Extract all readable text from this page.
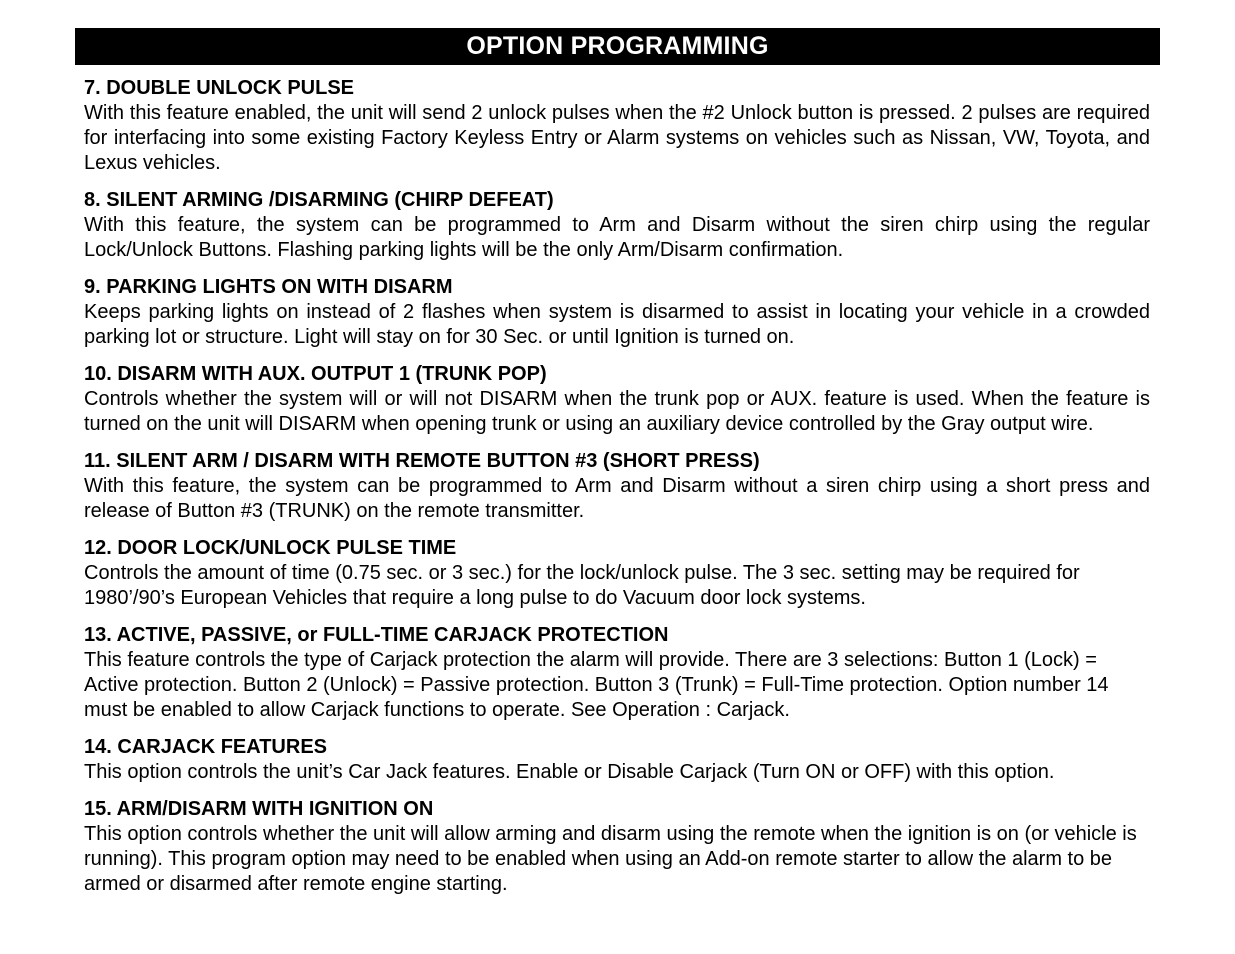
OPTION PROGRAMMING
7. DOUBLE UNLOCK PULSE

With this feature enabled, the unit will send 2 unlock pulses when the #2 Unlock button is pressed. 2 pulses are required for interfacing into some existing Factory Keyless Entry or Alarm systems on vehicles such as Nissan, VW, Toyota, and Lexus vehicles.

8. SILENT ARMING /DISARMING (CHIRP DEFEAT)

With this feature, the system can be programmed to Arm and Disarm without the siren chirp using the regular Lock/Unlock Buttons. Flashing parking lights will be the only Arm/Disarm confirmation.

9. PARKING LIGHTS ON WITH DISARM

Keeps parking lights on instead of 2 flashes when system is disarmed to assist in locating your vehicle in a crowded parking lot or structure. Light will stay on for 30 Sec. or until Ignition is turned on.

10. DISARM WITH AUX. OUTPUT 1 (TRUNK POP)

Controls whether the system will or will not DISARM when the trunk pop or AUX. feature is used. When the feature is turned on the unit will DISARM when opening trunk or using an auxiliary device controlled by the Gray output wire.

11. SILENT ARM / DISARM WITH REMOTE BUTTON #3 (SHORT PRESS)

With this feature, the system can be programmed to Arm and Disarm without a siren chirp using a short press and release of Button #3 (TRUNK) on the remote transmitter.

12. DOOR LOCK/UNLOCK PULSE TIME

Controls the amount of time (0.75 sec. or 3 sec.) for the lock/unlock pulse. The 3 sec. setting may be required for 1980’/90’s European Vehicles that require a long pulse to do Vacuum door lock systems.

13. ACTIVE, PASSIVE, or FULL-TIME CARJACK PROTECTION

This feature controls the type of Carjack protection the alarm will provide. There are 3 selections: Button 1 (Lock) = Active protection. Button 2 (Unlock) = Passive protection. Button 3 (Trunk) = Full-Time protection. Option number 14 must be enabled to allow Carjack functions to operate. See Operation : Carjack.

14. CARJACK FEATURES

This option controls the unit’s Car Jack features. Enable or Disable Carjack (Turn ON or OFF) with this option.

15. ARM/DISARM WITH IGNITION ON

This option controls whether the unit will allow arming and disarm using the remote when the ignition is on (or vehicle is running). This program option may need to be enabled when using an Add-on remote starter to allow the alarm to be armed or disarmed after remote engine starting.
